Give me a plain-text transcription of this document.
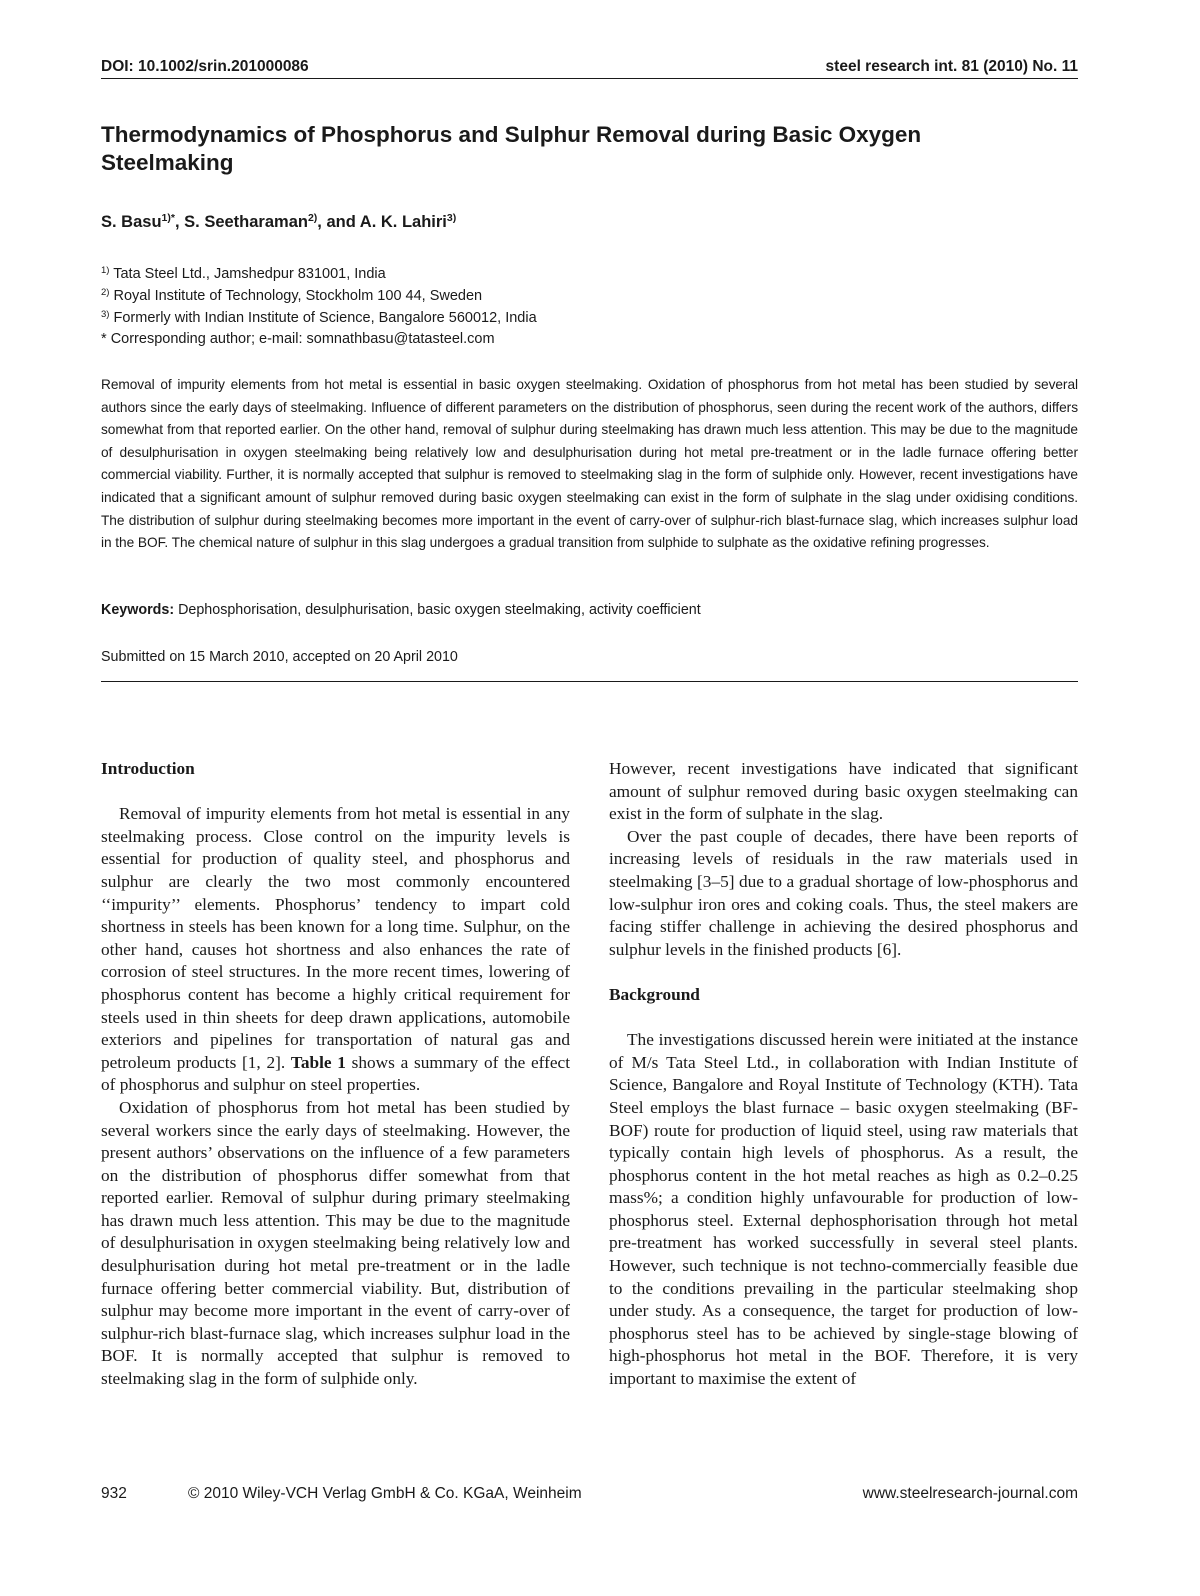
DOI: 10.1002/srin.201000086	steel research int. 81 (2010) No. 11
Thermodynamics of Phosphorus and Sulphur Removal during Basic Oxygen Steelmaking
S. Basu$^{1)*}$, S. Seetharaman$^{2)}$, and A. K. Lahiri$^{3)}$
$^{1)}$ Tata Steel Ltd., Jamshedpur 831001, India
$^{2)}$ Royal Institute of Technology, Stockholm 100 44, Sweden
$^{3)}$ Formerly with Indian Institute of Science, Bangalore 560012, India
* Corresponding author; e-mail: somnathbasu@tatasteel.com
Removal of impurity elements from hot metal is essential in basic oxygen steelmaking. Oxidation of phosphorus from hot metal has been studied by several authors since the early days of steelmaking. Influence of different parameters on the distribution of phosphorus, seen during the recent work of the authors, differs somewhat from that reported earlier. On the other hand, removal of sulphur during steelmaking has drawn much less attention. This may be due to the magnitude of desulphurisation in oxygen steelmaking being relatively low and desulphurisation during hot metal pre-treatment or in the ladle furnace offering better commercial viability. Further, it is normally accepted that sulphur is removed to steelmaking slag in the form of sulphide only. However, recent investigations have indicated that a significant amount of sulphur removed during basic oxygen steelmaking can exist in the form of sulphate in the slag under oxidising conditions. The distribution of sulphur during steelmaking becomes more important in the event of carry-over of sulphur-rich blast-furnace slag, which increases sulphur load in the BOF. The chemical nature of sulphur in this slag undergoes a gradual transition from sulphide to sulphate as the oxidative refining progresses.
Keywords: Dephosphorisation, desulphurisation, basic oxygen steelmaking, activity coefficient
Submitted on 15 March 2010, accepted on 20 April 2010
Introduction

Removal of impurity elements from hot metal is essential in any steelmaking process. Close control on the impurity levels is essential for production of quality steel, and phosphorus and sulphur are clearly the two most commonly encountered ‘‘impurity’’ elements. Phosphorus’ tendency to impart cold shortness in steels has been known for a long time. Sulphur, on the other hand, causes hot shortness and also enhances the rate of corrosion of steel structures. In the more recent times, lowering of phosphorus content has become a highly critical requirement for steels used in thin sheets for deep drawn applications, automobile exteriors and pipelines for transportation of natural gas and petroleum products [1, 2]. Table 1 shows a summary of the effect of phosphorus and sulphur on steel properties.

Oxidation of phosphorus from hot metal has been studied by several workers since the early days of steelmaking. However, the present authors’ observations on the influence of a few parameters on the distribution of phosphorus differ somewhat from that reported earlier. Removal of sulphur during primary steelmaking has drawn much less attention. This may be due to the magnitude of desulphurisation in oxygen steelmaking being relatively low and desulphurisation during hot metal pre-treatment or in the ladle furnace offering better commercial viability. But, distribution of sulphur may become more important in the event of carry-over of sulphur-rich blast-furnace slag, which increases sulphur load in the BOF. It is normally accepted that sulphur is removed to steelmaking slag in the form of sulphide only.

However, recent investigations have indicated that significant amount of sulphur removed during basic oxygen steelmaking can exist in the form of sulphate in the slag.

Over the past couple of decades, there have been reports of increasing levels of residuals in the raw materials used in steelmaking [3–5] due to a gradual shortage of low-phosphorus and low-sulphur iron ores and coking coals. Thus, the steel makers are facing stiffer challenge in achieving the desired phosphorus and sulphur levels in the finished products [6].

Background

The investigations discussed herein were initiated at the instance of M/s Tata Steel Ltd., in collaboration with Indian Institute of Science, Bangalore and Royal Institute of Technology (KTH). Tata Steel employs the blast furnace – basic oxygen steelmaking (BF-BOF) route for production of liquid steel, using raw materials that typically contain high levels of phosphorus. As a result, the phosphorus content in the hot metal reaches as high as 0.2–0.25 mass%; a condition highly unfavourable for production of low-phosphorus steel. External dephosphorisation through hot metal pre-treatment has worked successfully in several steel plants. However, such technique is not techno-commercially feasible due to the conditions prevailing in the particular steelmaking shop under study. As a consequence, the target for production of low-phosphorus steel has to be achieved by single-stage blowing of high-phosphorus hot metal in the BOF. Therefore, it is very important to maximise the extent of

932	© 2010 Wiley-VCH Verlag GmbH & Co. KGaA, Weinheim	www.steelresearch-journal.com
